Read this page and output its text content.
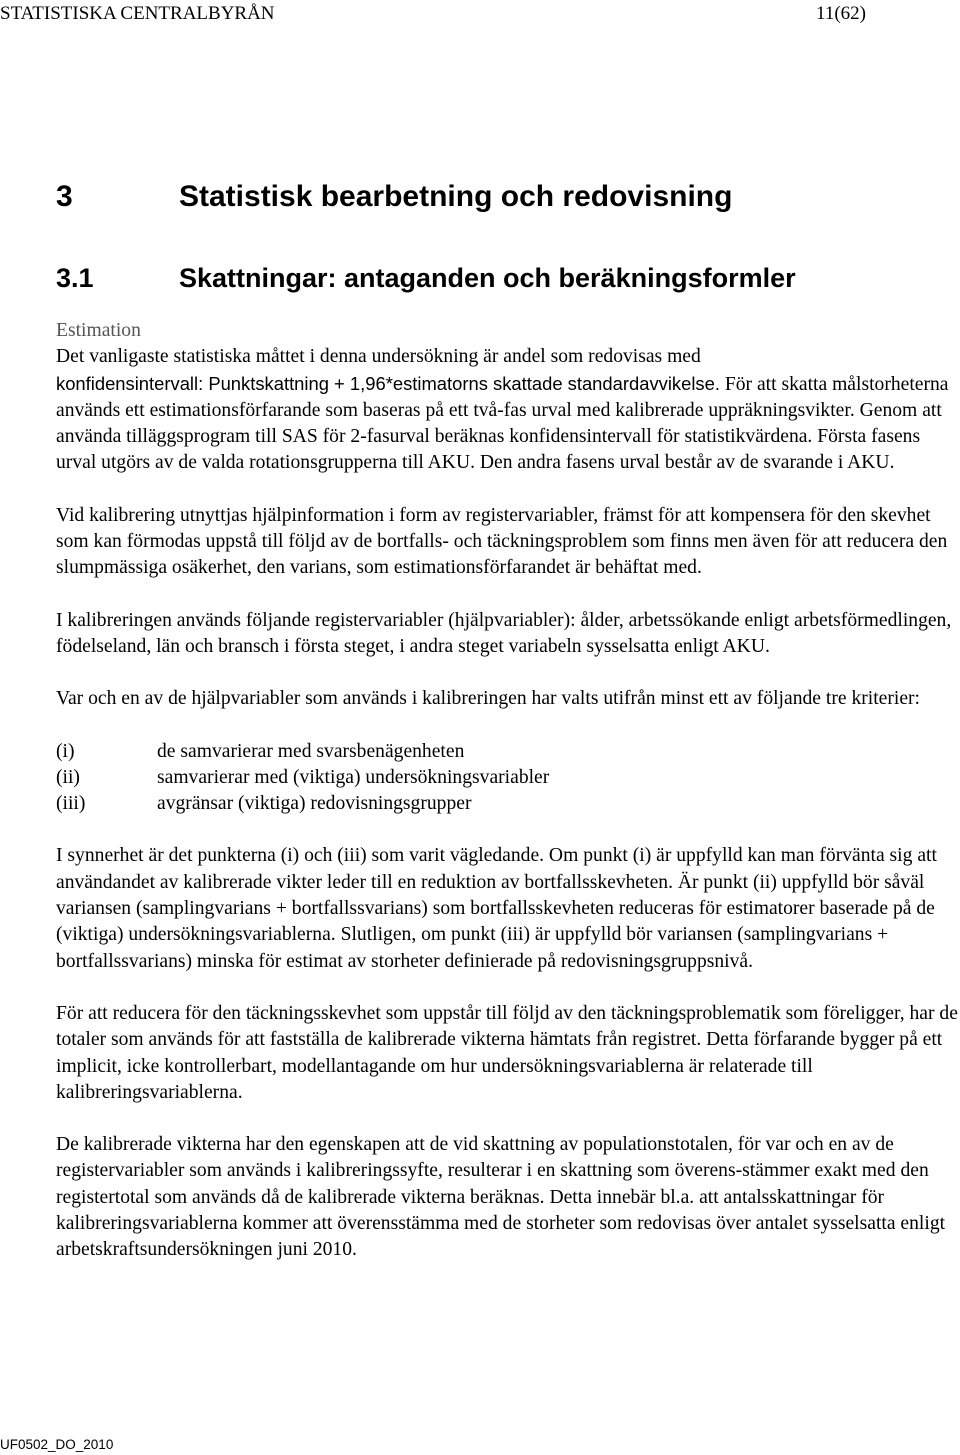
STATISTISKA CENTRALBYRÅN	11(62)
3	Statistisk bearbetning och redovisning
3.1	Skattningar: antaganden och beräkningsformler

Estimation
Det vanligaste statistiska måttet i denna undersökning är andel som redovisas med
konfidensintervall: Punktskattning + 1,96*estimatorns skattade standardavvikelse. För att skatta målstorheterna används ett estimationsförfarande som baseras på ett två-fas urval med kalibrerade uppräkningsvikter. Genom att använda tilläggsprogram till SAS för 2-fasurval beräknas konfidensintervall för statistikvärdena. Första fasens urval utgörs av de valda rotationsgrupperna till AKU. Den andra fasens urval består av de svarande i AKU.

Vid kalibrering utnyttjas hjälpinformation i form av registervariabler, främst för att kompensera för den skevhet som kan förmodas uppstå till följd av de bortfalls- och täckningsproblem som finns men även för att reducera den slumpmässiga osäkerhet, den varians, som estimationsförfarandet är behäftat med.

I kalibreringen används följande registervariabler (hjälpvariabler): ålder, arbetssökande enligt arbetsförmedlingen, födelseland, län och bransch i första steget, i andra steget variabeln sysselsatta enligt AKU.

Var och en av de hjälpvariabler som används i kalibreringen har valts utifrån minst ett av följande tre kriterier:

(i)	de samvarierar med svarsbenägenheten
(ii)	samvarierar med (viktiga) undersökningsvariabler
(iii)	avgränsar (viktiga) redovisningsgrupper

I synnerhet är det punkterna (i) och (iii) som varit vägledande. Om punkt (i) är uppfylld kan man förvänta sig att användandet av kalibrerade vikter leder till en reduktion av bortfallsskevheten. Är punkt (ii) uppfylld bör såväl variansen (samplingvarians + bortfallssvarians) som bortfallsskevheten reduceras för estimatorer baserade på de (viktiga) undersökningsvariablerna. Slutligen, om punkt (iii) är uppfylld bör variansen (samplingvarians + bortfallssvarians) minska för estimat av storheter definierade på redovisningsgruppsnivå.

För att reducera för den täckningsskevhet som uppstår till följd av den täckningsproblematik som föreligger, har de totaler som används för att fastställa de kalibrerade vikterna hämtats från registret. Detta förfarande bygger på ett implicit, icke kontrollerbart, modellantagande om hur undersökningsvariablerna är relaterade till kalibreringsvariablerna.

De kalibrerade vikterna har den egenskapen att de vid skattning av populationstotalen, för var och en av de registervariabler som används i kalibreringssyfte, resulterar i en skattning som överens-stämmer exakt med den registertotal som används då de kalibrerade vikterna beräknas. Detta innebär bl.a. att antalsskattningar för kalibreringsvariablerna kommer att överensstämma med de storheter som redovisas över antalet sysselsatta enligt arbetskraftsundersökningen juni 2010.

UF0502_DO_2010
